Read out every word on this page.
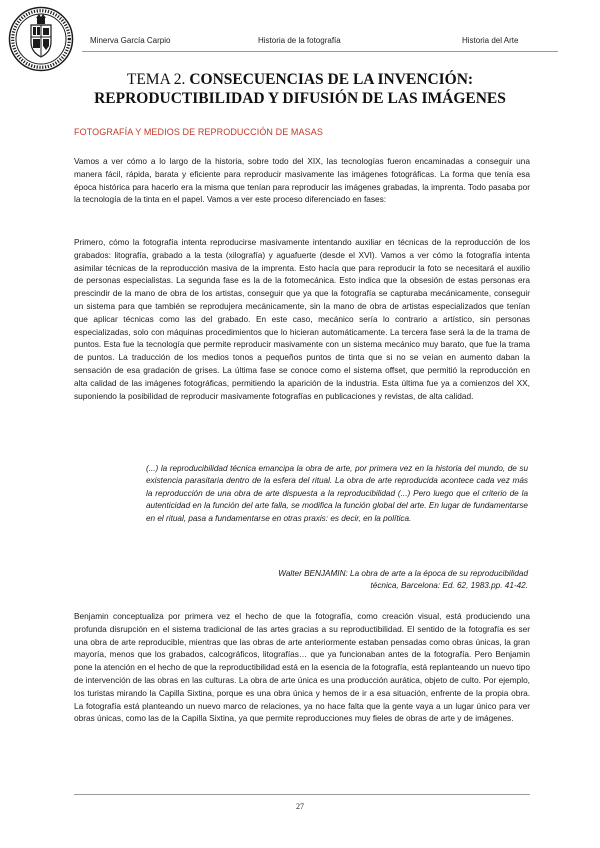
Minerva García Carpio	Historia de la fotografía	Historia del Arte
TEMA 2. CONSECUENCIAS DE LA INVENCIÓN:
REPRODUCTIBILIDAD Y DIFUSIÓN DE LAS IMÁGENES
FOTOGRAFÍA Y MEDIOS DE REPRODUCCIÓN DE MASAS

Vamos a ver cómo a lo largo de la historia, sobre todo del XIX, las tecnologías fueron encaminadas a conseguir una manera fácil, rápida, barata y eficiente para reproducir masivamente las imágenes fotográficas. La forma que tenía esa época histórica para hacerlo era la misma que tenían para reproducir las imágenes grabadas, la imprenta. Todo pasaba por la tecnología de la tinta en el papel. Vamos a ver este proceso diferenciado en fases:

Primero, cómo la fotografía intenta reproducirse masivamente intentando auxiliar en técnicas de la reproducción de los grabados: litografía, grabado a la testa (xilografía) y aguafuerte (desde el XVI). Vamos a ver cómo la fotografía intenta asimilar técnicas de la reproducción masiva de la imprenta. Esto hacía que para reproducir la foto se necesitará el auxilio de personas especialistas. La segunda fase es la de la fotomecánica. Esto indica que la obsesión de estas personas era prescindir de la mano de obra de los artistas, conseguir que ya que la fotografía se capturaba mecánicamente, conseguir un sistema para que también se reprodujera mecánicamente, sin la mano de obra de artistas especializados que tenían que aplicar técnicas como las del grabado. En este caso, mecánico sería lo contrario a artístico, sin personas especializadas, solo con máquinas procedimientos que lo hicieran automáticamente. La tercera fase será la de la trama de puntos. Esta fue la tecnología que permite reproducir masivamente con un sistema mecánico muy barato, que fue la trama de puntos. La traducción de los medios tonos a pequeños puntos de tinta que si no se veían en aumento daban la sensación de esa gradación de grises. La última fase se conoce como el sistema offset, que permitió la reproducción en alta calidad de las imágenes fotográficas, permitiendo la aparición de la industria. Esta última fue ya a comienzos del XX, suponiendo la posibilidad de reproducir masivamente fotografías en publicaciones y revistas, de alta calidad.

(...) la reproducibilidad técnica emancipa la obra de arte, por primera vez en la historia del mundo, de su existencia parasitaria dentro de la esfera del ritual. La obra de arte reproducida acontece cada vez más la reproducción de una obra de arte dispuesta a la reproducibilidad (...) Pero luego que el criterio de la autenticidad en la función del arte falla, se modifica la función global del arte. En lugar de fundamentarse en el ritual, pasa a fundamentarse en otras praxis: es decir, en la política.

Walter BENJAMIN: La obra de arte a la época de su reproducibilidad
técnica, Barcelona: Ed. 62, 1983.pp. 41-42.

Benjamin conceptualiza por primera vez el hecho de que la fotografía, como creación visual, está produciendo una profunda disrupción en el sistema tradicional de las artes gracias a su reproductibilidad. El sentido de la fotografía es ser una obra de arte reproducible, mientras que las obras de arte anteriormente estaban pensadas como obras únicas, la gran mayoría, menos que los grabados, calcográficos, litografías… que ya funcionaban antes de la fotografía. Pero Benjamin pone la atención en el hecho de que la reproductibilidad está en la esencia de la fotografía, está replanteando un nuevo tipo de intervención de las obras en las culturas. La obra de arte única es una producción aurática, objeto de culto. Por ejemplo, los turistas mirando la Capilla Sixtina, porque es una obra única y hemos de ir a esa situación, enfrente de la propia obra. La fotografía está planteando un nuevo marco de relaciones, ya no hace falta que la gente vaya a un lugar único para ver obras únicas, como las de la Capilla Sixtina, ya que permite reproducciones muy fieles de obras de arte y de imágenes.

27
